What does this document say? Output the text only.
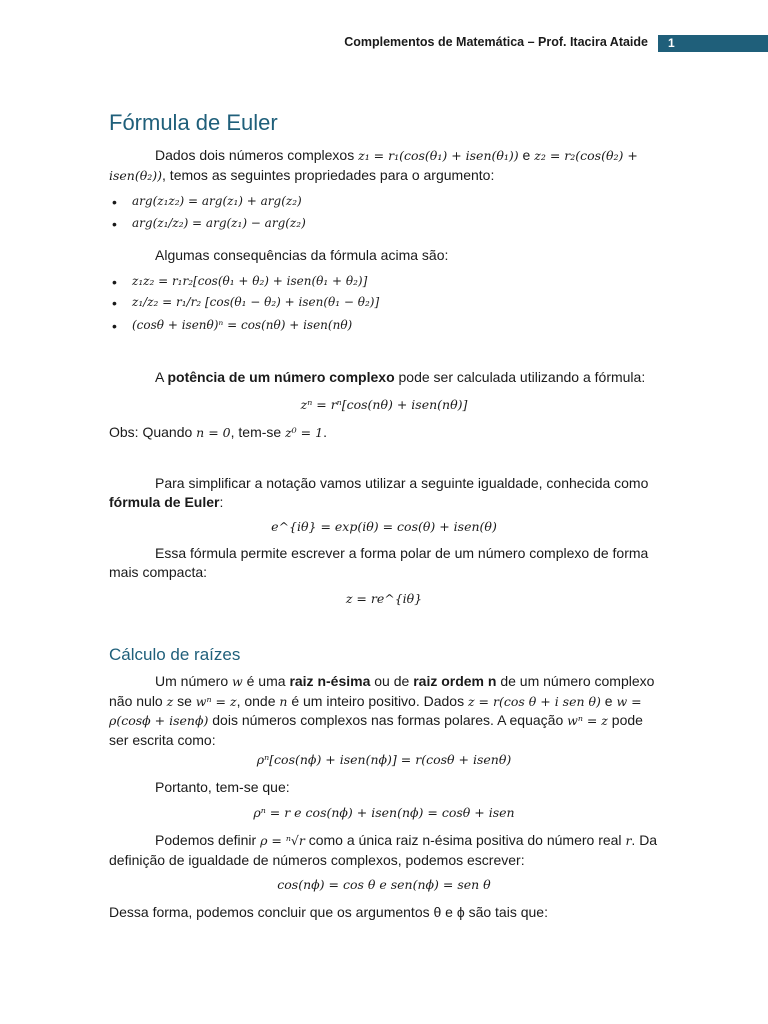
Complementos de Matemática – Prof. Itacira Ataide	1
Fórmula de Euler
Dados dois números complexos z₁ = r₁(cos(θ₁) + isen(θ₁)) e z₂ = r₂(cos(θ₂) + isen(θ₂)), temos as seguintes propriedades para o argumento:
• arg(z₁z₂) = arg(z₁) + arg(z₂)
• arg(z₁/z₂) = arg(z₁) − arg(z₂)
Algumas consequências da fórmula acima são:
• z₁z₂ = r₁r₂[cos(θ₁ + θ₂) + isen(θ₁ + θ₂)]
• z₁/z₂ = r₁/r₂ [cos(θ₁ − θ₂) + isen(θ₁ − θ₂)]
• (cosθ + isenθ)ⁿ = cos(nθ) + isen(nθ)
A potência de um número complexo pode ser calculada utilizando a fórmula:
zⁿ = rⁿ[cos(nθ) + isen(nθ)]
Obs: Quando n = 0, tem-se z⁰ = 1.
Para simplificar a notação vamos utilizar a seguinte igualdade, conhecida como fórmula de Euler:
e^{iθ} = exp(iθ) = cos(θ) + isen(θ)
Essa fórmula permite escrever a forma polar de um número complexo de forma mais compacta:
z = re^{iθ}
Cálculo de raízes
Um número w é uma raiz n-ésima ou de raiz ordem n de um número complexo não nulo z se wⁿ = z, onde n é um inteiro positivo. Dados z = r(cos θ + i sen θ) e w = ρ(cosϕ + isenϕ) dois números complexos nas formas polares. A equação wⁿ = z pode ser escrita como:
ρⁿ[cos(nϕ) + isen(nϕ)] = r(cosθ + isenθ)
Portanto, tem-se que:
ρⁿ = r e cos(nϕ) + isen(nϕ) = cosθ + isen
Podemos definir ρ = ⁿ√r como a única raiz n-ésima positiva do número real r. Da definição de igualdade de números complexos, podemos escrever:
cos(nϕ) = cos θ e sen(nϕ) = sen θ
Dessa forma, podemos concluir que os argumentos θ e ϕ são tais que:
